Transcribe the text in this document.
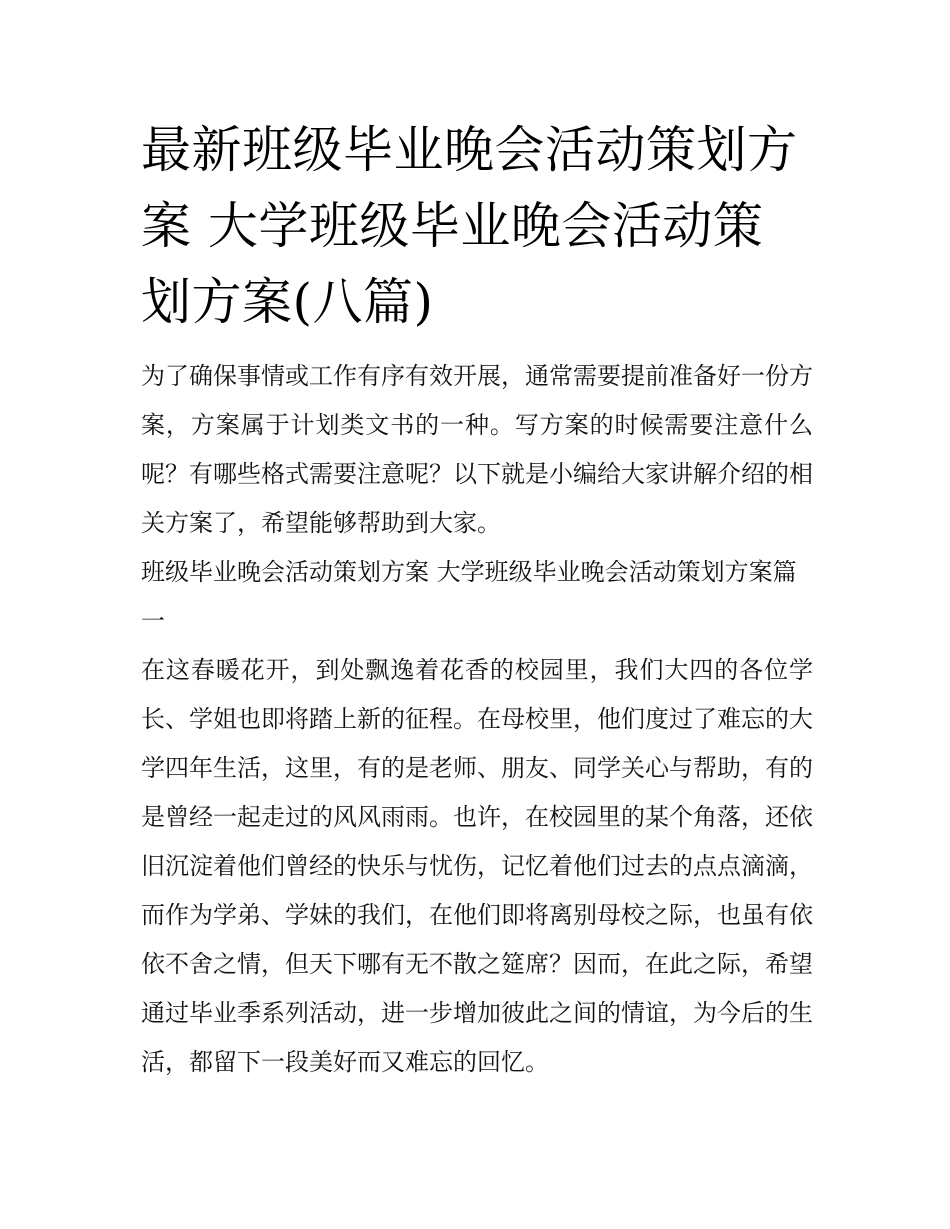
最新班级毕业晚会活动策划方案 大学班级毕业晚会活动策划方案(八篇)

为了确保事情或工作有序有效开展，通常需要提前准备好一份方案，方案属于计划类文书的一种。写方案的时候需要注意什么呢？有哪些格式需要注意呢？以下就是小编给大家讲解介绍的相关方案了，希望能够帮助到大家。

班级毕业晚会活动策划方案 大学班级毕业晚会活动策划方案篇一

在这春暖花开，到处飘逸着花香的校园里，我们大四的各位学长、学姐也即将踏上新的征程。在母校里，他们度过了难忘的大学四年生活，这里，有的是老师、朋友、同学关心与帮助，有的是曾经一起走过的风风雨雨。也许，在校园里的某个角落，还依旧沉淀着他们曾经的快乐与忧伤，记忆着他们过去的点点滴滴，而作为学弟、学妹的我们，在他们即将离别母校之际，也虽有依依不舍之情，但天下哪有无不散之筵席？因而，在此之际，希望通过毕业季系列活动，进一步增加彼此之间的情谊，为今后的生活，都留下一段美好而又难忘的回忆。
